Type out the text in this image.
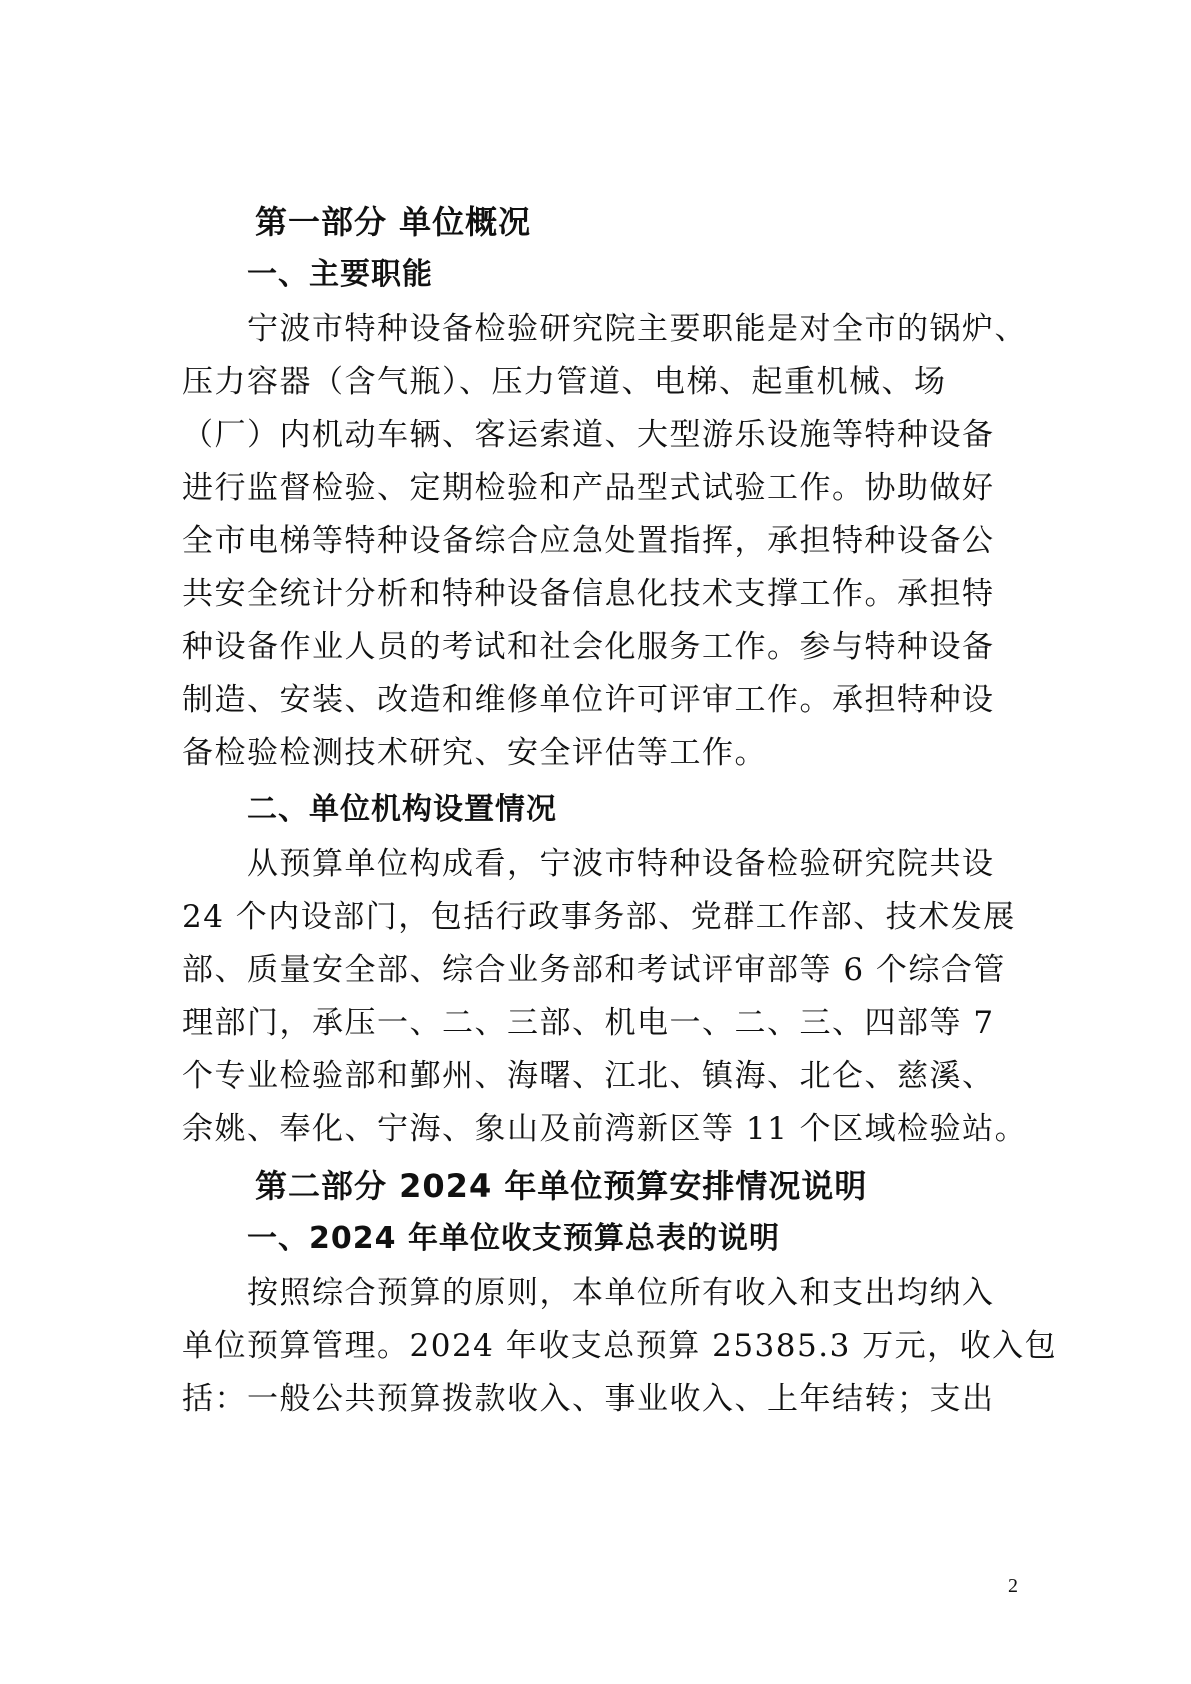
第一部分 单位概况
一、主要职能
宁波市特种设备检验研究院主要职能是对全市的锅炉、
压力容器（含气瓶）、压力管道、电梯、起重机械、场
（厂）内机动车辆、客运索道、大型游乐设施等特种设备
进行监督检验、定期检验和产品型式试验工作。协助做好
全市电梯等特种设备综合应急处置指挥，承担特种设备公
共安全统计分析和特种设备信息化技术支撑工作。承担特
种设备作业人员的考试和社会化服务工作。参与特种设备
制造、安装、改造和维修单位许可评审工作。承担特种设
备检验检测技术研究、安全评估等工作。
二、单位机构设置情况
从预算单位构成看，宁波市特种设备检验研究院共设
24 个内设部门，包括行政事务部、党群工作部、技术发展
部、质量安全部、综合业务部和考试评审部等 6 个综合管
理部门，承压一、二、三部、机电一、二、三、四部等 7
个专业检验部和鄞州、海曙、江北、镇海、北仑、慈溪、
余姚、奉化、宁海、象山及前湾新区等 11 个区域检验站。
第二部分 2024 年单位预算安排情况说明
一、2024 年单位收支预算总表的说明
按照综合预算的原则，本单位所有收入和支出均纳入
单位预算管理。2024 年收支总预算 25385.3 万元，收入包
括：一般公共预算拨款收入、事业收入、上年结转；支出
2
